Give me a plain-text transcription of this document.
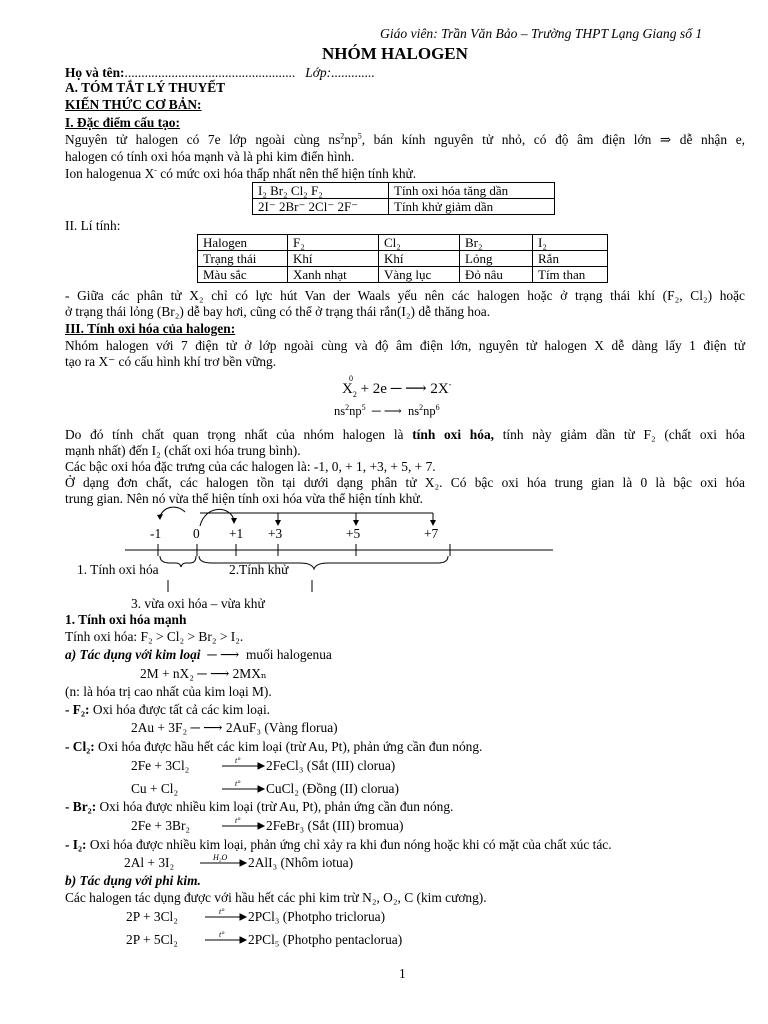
Giáo viên: Trần Văn Bảo – Trường THPT Lạng Giang số 1
NHÓM HALOGEN
Họ và tên:................................................... Lớp:.............
A. TÓM TẮT LÝ THUYẾT
KIẾN THỨC CƠ BẢN:
I. Đặc điểm cấu tạo:
Nguyên tử halogen có 7e lớp ngoài cùng $ns^2np^5$, bán kính nguyên tử nhỏ, có độ âm điện lớn ⇒ dễ nhận e,
halogen có tính oxi hóa mạnh và là phi kim điển hình.
Ion halogenua X- có mức oxi hóa thấp nhất nên thể hiện tính khử.
I₂ Br₂ Cl₂ F₂	Tính oxi hóa tăng dần
2I⁻ 2Br⁻ 2Cl⁻ 2F⁻	Tính khử giảm dần
II. Lí tính:
Halogen	F₂	Cl₂	Br₂	I₂
Trạng thái	Khí	Khí	Lỏng	Rắn
Màu sắc	Xanh nhạt	Vàng lục	Đỏ nâu	Tím than
- Giữa các phân tử X₂ chỉ có lực hút Van der Waals yếu nên các halogen hoặc ở trạng thái khí (F₂, Cl₂) hoặc
ở trạng thái lỏng (Br₂) dễ bay hơi, cũng có thể ở trạng thái rắn(I₂) dễ thăng hoa.
III. Tính oxi hóa của halogen:
Nhóm halogen với 7 điện tử ở lớp ngoài cùng và độ âm điện lớn, nguyên tử halogen X dễ dàng lấy 1 điện tử
tạo ra X⁻ có cấu hình khí trơ bền vững.
0
$X_2 + 2e$ ─ ⟶ 2X-
$ns^2np^5$  ─ ⟶  $ns^2np^6$
Do đó tính chất quan trọng nhất của nhóm halogen là tính oxi hóa, tính này giảm dần từ F₂ (chất oxi hóa
mạnh nhất) đến I₂ (chất oxi hóa trung bình).
Các bậc oxi hóa đặc trưng của các halogen là: -1, 0, + 1, +3, + 5, + 7.
Ở dạng đơn chất, các halogen tồn tại dưới dạng phân tử X₂. Có bậc oxi hóa trung gian là 0 là bậc oxi hóa
trung gian. Nên nó vừa thể hiện tính oxi hóa vừa thể hiện tính khử.
-1 0 +1 +3	+5	+7
1. Tính oxi hóa	2.Tính khử
3. vừa oxi hóa – vừa khử
1. Tính oxi hóa mạnh
Tính oxi hóa: F₂ > Cl₂ > Br₂ > I₂.
a) Tác dụng với kim loại  ─ ⟶  muối halogenua
2M + nX₂ ─ ⟶ 2MXₙ
(n: là hóa trị cao nhất của kim loại M).
- F₂: Oxi hóa được tất cả các kim loại.
2Au + 3F₂ ─ ⟶ 2AuF₃ (Vàng florua)
- Cl₂: Oxi hóa được hầu hết các kim loại (trừ Au, Pt), phản ứng cần đun nóng.
2Fe + 3Cl₂	2FeCl₃ (Sắt (III) clorua)
Cu + Cl₂	CuCl₂ (Đồng (II) clorua)
- Br₂: Oxi hóa được nhiều kim loại (trừ Au, Pt), phản ứng cần đun nóng.
2Fe + 3Br₂	2FeBr₃ (Sắt (III) bromua)
- I₂: Oxi hóa được nhiều kim loại, phản ứng chỉ xảy ra khi đun nóng hoặc khi có mặt của chất xúc tác.
2Al + 3I₂	2AlI₃ (Nhôm iotua)
b) Tác dụng với phi kim.
Các halogen tác dụng được với hầu hết các phi kim trừ N₂, O₂, C (kim cương).
2P + 3Cl₂	2PCl₃ (Photpho triclorua)
2P + 5Cl₂	2PCl₅ (Photpho pentaclorua)
t°
t°
t°
H₂O
t°
t°
1
